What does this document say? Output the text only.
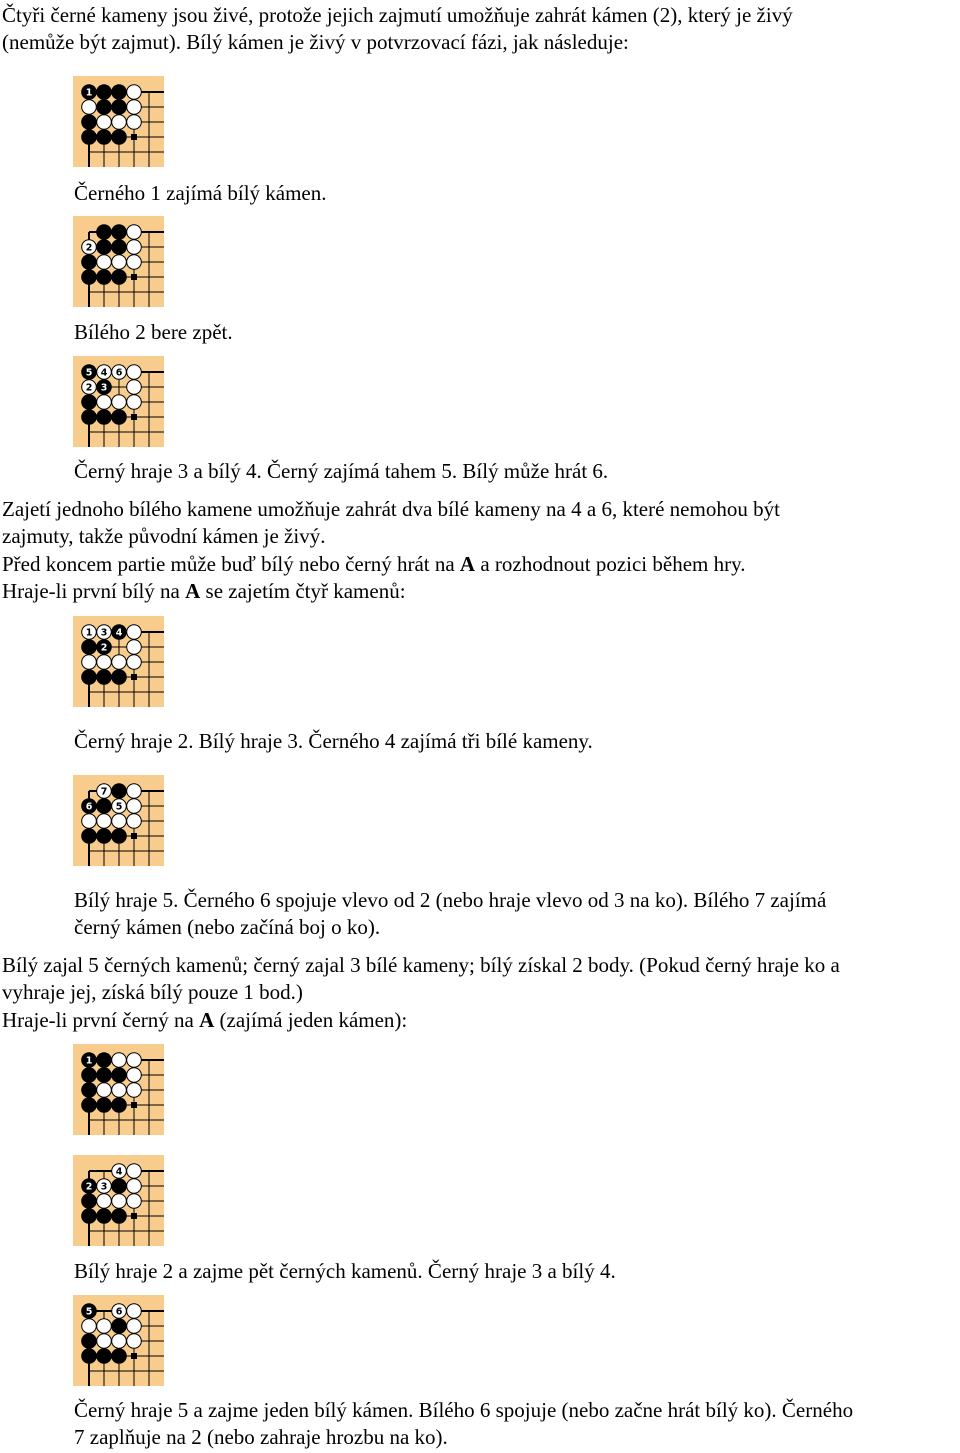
Čtyři černé kameny jsou živé, protože jejich zajmutí umožňuje zahrát kámen (2), který je živý
(nemůže být zajmut). Bílý kámen je živý v potvrzovací fázi, jak následuje:

1

Černého 1 zajímá bílý kámen.

2

Bílého 2 bere zpět.

5 4 6
2 3

Černý hraje 3 a bílý 4. Černý zajímá tahem 5. Bílý může hrát 6.

Zajetí jednoho bílého kamene umožňuje zahrát dva bílé kameny na 4 a 6, které nemohou být
zajmuty, takže původní kámen je živý.

Před koncem partie může buď bílý nebo černý hrát na A a rozhodnout pozici během hry.

Hraje-li první bílý na A se zajetím čtyř kamenů:

1 3 4
2

Černý hraje 2. Bílý hraje 3. Černého 4 zajímá tři bílé kameny.

7
6 5

Bílý hraje 5. Černého 6 spojuje vlevo od 2 (nebo hraje vlevo od 3 na ko). Bílého 7 zajímá
černý kámen (nebo začíná boj o ko).

Bílý zajal 5 černých kamenů; černý zajal 3 bílé kameny; bílý získal 2 body. (Pokud černý hraje ko a
vyhraje jej, získá bílý pouze 1 bod.)

Hraje-li první černý na A (zajímá jeden kámen):

1
4
2 3

Bílý hraje 2 a zajme pět černých kamenů. Černý hraje 3 a bílý 4.

5 6

Černý hraje 5 a zajme jeden bílý kámen. Bílého 6 spojuje (nebo začne hrát bílý ko). Černého
7 zaplňuje na 2 (nebo zahraje hrozbu na ko).
